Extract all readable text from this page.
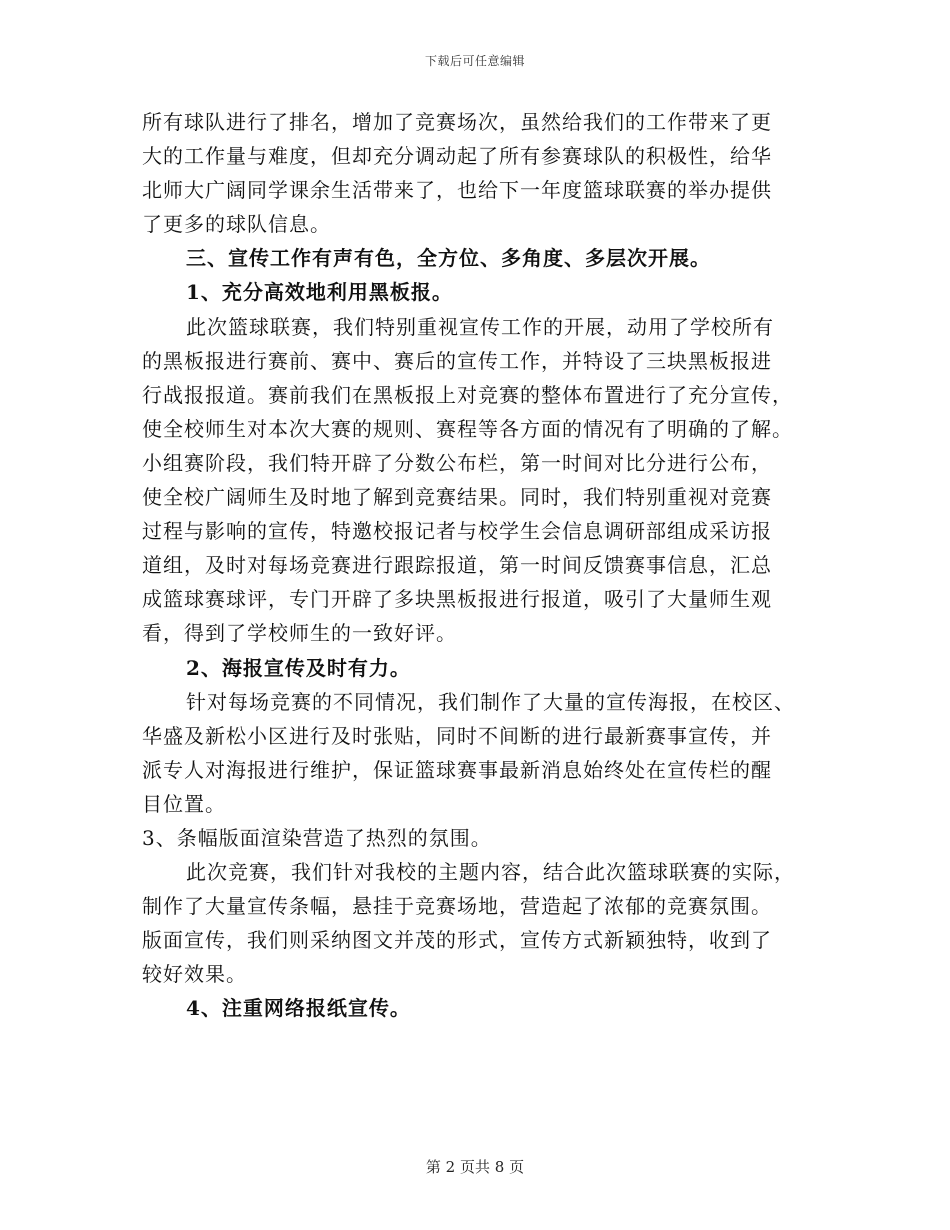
下载后可任意编辑
所有球队进行了排名，增加了竞赛场次，虽然给我们的工作带来了更
大的工作量与难度，但却充分调动起了所有参赛球队的积极性，给华
北师大广阔同学课余生活带来了，也给下一年度篮球联赛的举办提供
了更多的球队信息。
三、宣传工作有声有色，全方位、多角度、多层次开展。
1、充分高效地利用黑板报。
此次篮球联赛，我们特别重视宣传工作的开展，动用了学校所有
的黑板报进行赛前、赛中、赛后的宣传工作，并特设了三块黑板报进
行战报报道。赛前我们在黑板报上对竞赛的整体布置进行了充分宣传，
使全校师生对本次大赛的规则、赛程等各方面的情况有了明确的了解。
小组赛阶段，我们特开辟了分数公布栏，第一时间对比分进行公布，
使全校广阔师生及时地了解到竞赛结果。同时，我们特别重视对竞赛
过程与影响的宣传，特邀校报记者与校学生会信息调研部组成采访报
道组，及时对每场竞赛进行跟踪报道，第一时间反馈赛事信息，汇总
成篮球赛球评，专门开辟了多块黑板报进行报道，吸引了大量师生观
看，得到了学校师生的一致好评。
2、海报宣传及时有力。
针对每场竞赛的不同情况，我们制作了大量的宣传海报，在校区、
华盛及新松小区进行及时张贴，同时不间断的进行最新赛事宣传，并
派专人对海报进行维护，保证篮球赛事最新消息始终处在宣传栏的醒
目位置。
3、条幅版面渲染营造了热烈的氛围。
此次竞赛，我们针对我校的主题内容，结合此次篮球联赛的实际，
制作了大量宣传条幅，悬挂于竞赛场地，营造起了浓郁的竞赛氛围。
版面宣传，我们则采纳图文并茂的形式，宣传方式新颖独特，收到了
较好效果。
4、注重网络报纸宣传。
第 2 页共 8 页
